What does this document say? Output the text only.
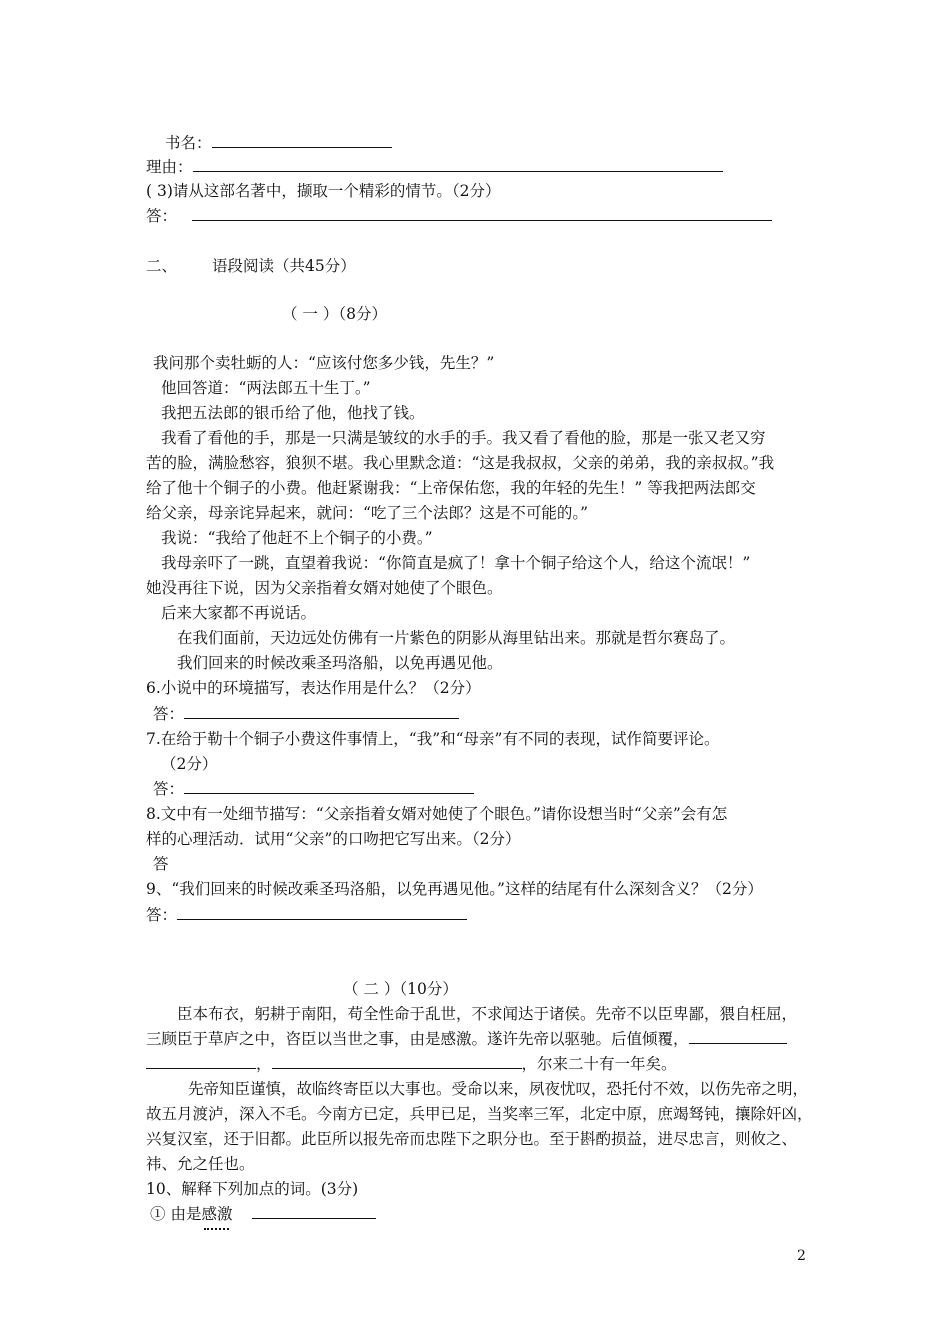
书名：
理由：
( 3)请从这部名著中，撷取一个精彩的情节。（2分）
答：
二、 语段阅读（共45分）
（ 一 ）（8分）
我问那个卖牡蛎的人：“应该付您多少钱，先生？”
他回答道：“两法郎五十生丁。”
我把五法郎的银币给了他，他找了钱。
我看了看他的手，那是一只满是皱纹的水手的手。我又看了看他的脸，那是一张又老又穷
苦的脸，满脸愁容，狼狈不堪。我心里默念道：“这是我叔叔，父亲的弟弟，我的亲叔叔。”我
给了他十个铜子的小费。他赶紧谢我：“上帝保佑您，我的年轻的先生！” 等我把两法郎交
给父亲，母亲诧异起来，就问：“吃了三个法郎？这是不可能的。”
我说：“我给了他赶不上个铜子的小费。”
我母亲吓了一跳，直望着我说：“你简直是疯了！拿十个铜子给这个人，给这个流氓！”
她没再往下说，因为父亲指着女婿对她使了个眼色。
后来大家都不再说话。
在我们面前，天边远处仿佛有一片紫色的阴影从海里钻出来。那就是哲尔赛岛了。
我们回来的时候改乘圣玛洛船，以免再遇见他。
6.小说中的环境描写，表达作用是什么？（2分）
答：
7.在给于勒十个铜子小费这件事情上，“我”和“母亲”有不同的表现，试作简要评论。
（2分）
答：
8.文中有一处细节描写：“父亲指着女婿对她使了个眼色。”请你设想当时“父亲”会有怎
样的心理活动．试用“父亲”的口吻把它写出来。（2分）
答
9、“我们回来的时候改乘圣玛洛船，以免再遇见他。”这样的结尾有什么深刻含义？（2分）
答：
（ 二 ）（10分）
臣本布衣，躬耕于南阳，苟全性命于乱世，不求闻达于诸侯。先帝不以臣卑鄙，猥自枉屈，
三顾臣于草庐之中，咨臣以当世之事，由是感激。遂许先帝以驱驰。后值倾覆，
，	，尔来二十有一年矣。
先帝知臣谨慎，故临终寄臣以大事也。受命以来，夙夜忧叹，恐托付不效，以伤先帝之明，
故五月渡泸，深入不毛。今南方已定，兵甲已足，当奖率三军，北定中原，庶竭驽钝，攘除奸凶，
兴复汉室，还于旧都。此臣所以报先帝而忠陛下之职分也。至于斟酌损益，进尽忠言，则攸之、
祎、允之任也。
10、解释下列加点的词。(3分)
① 由是感激
2
